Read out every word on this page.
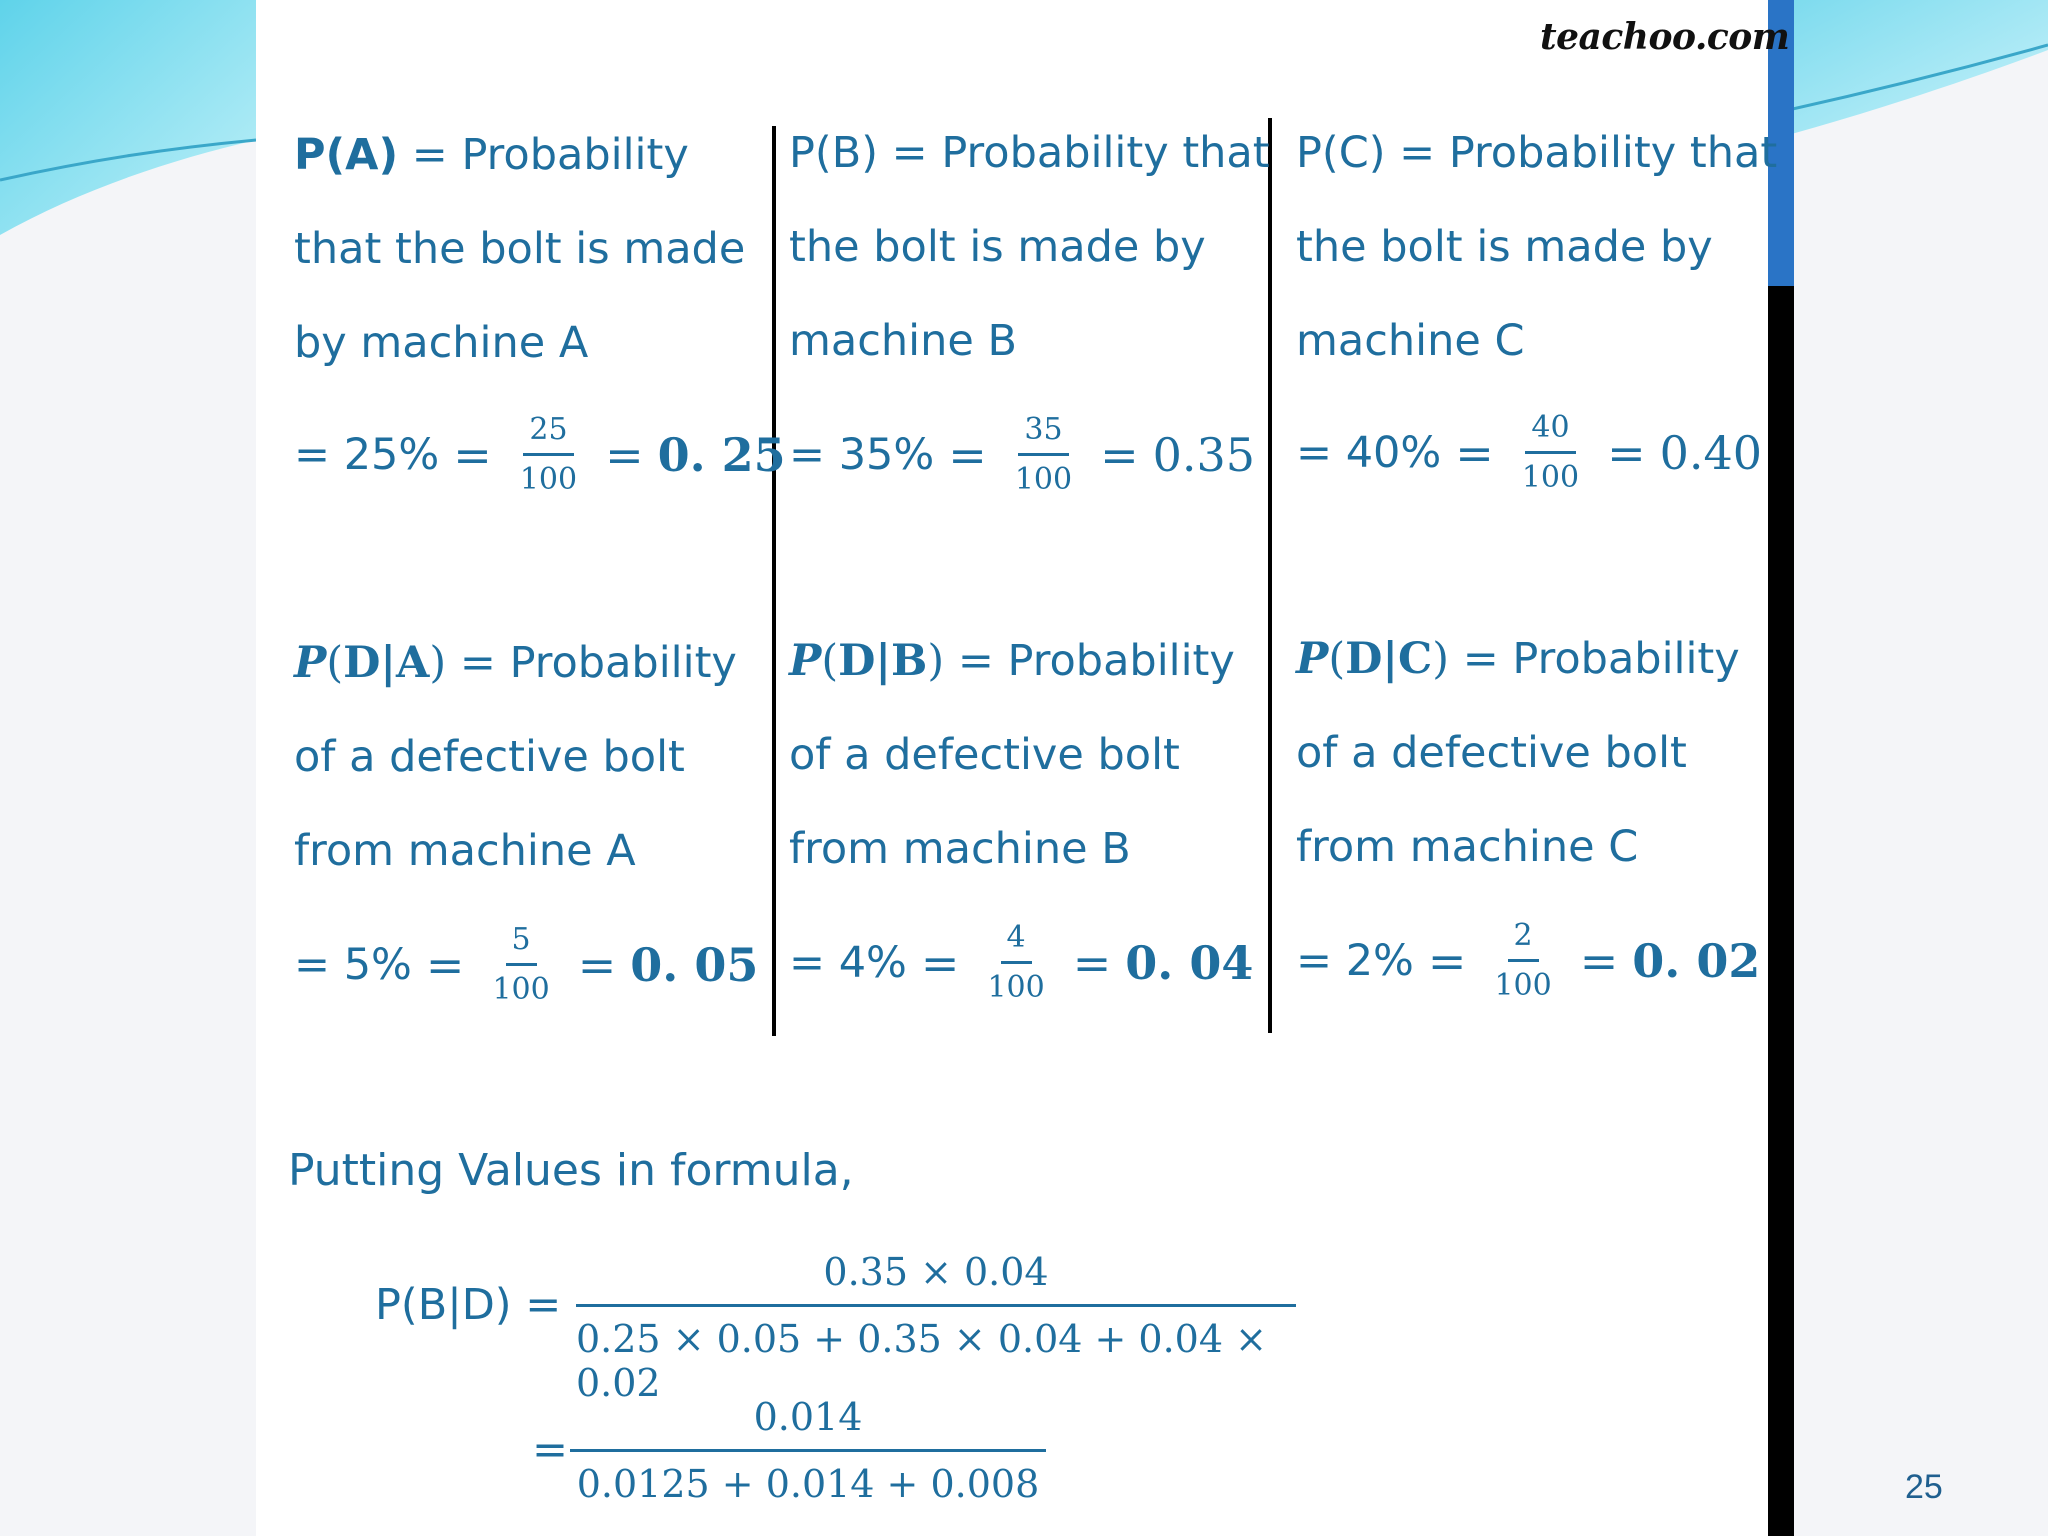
teachoo.com
P(A) = Probability
that the bolt is made
by machine A
= $25\% = \frac{25}{100} = 0$. 25
P(B) = Probability that
the bolt is made by
machine B
= $35\% = \frac{35}{100} = 0.35$
P(C) = Probability that
the bolt is made by
machine C
= $40\% = \frac{40}{100} = 0.40$
P(D|A) = Probability
of a defective bolt
from machine A
= $5\% = \frac{5}{100} = 0$. 05
P(D|B) = Probability
of a defective bolt
from machine B
= $4\% = \frac{4}{100} = 0$. 04
P(D|C) = Probability
of a defective bolt
from machine C
= $2\% = \frac{2}{100} = 0$. 02
Putting Values in formula,
P(B|D) =
0.35 × 0.04
0.25 × 0.05 + 0.35 × 0.04 + 0.04 × 0.02
=
0.014
0.0125 + 0.014 + 0.008	25
